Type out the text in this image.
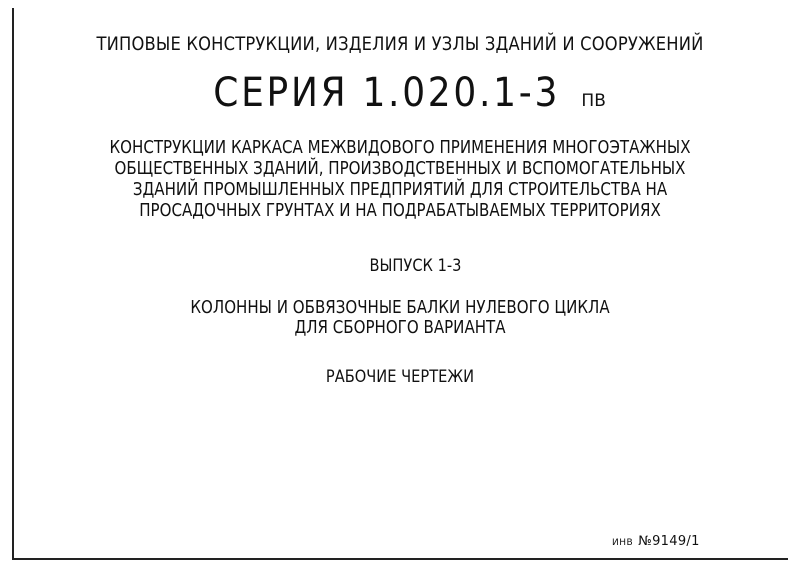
ТИПОВЫЕ КОНСТРУКЦИИ, ИЗДЕЛИЯ И УЗЛЫ ЗДАНИЙ И СООРУЖЕНИЙ
СЕРИЯ 1.020.1-3 ПВ
КОНСТРУКЦИИ КАРКАСА МЕЖВИДОВОГО ПРИМЕНЕНИЯ МНОГОЭТАЖНЫХ
ОБЩЕСТВЕННЫХ ЗДАНИЙ, ПРОИЗВОДСТВЕННЫХ И ВСПОМОГАТЕЛЬНЫХ
ЗДАНИЙ ПРОМЫШЛЕННЫХ ПРЕДПРИЯТИЙ ДЛЯ СТРОИТЕЛЬСТВА НА
ПРОСАДОЧНЫХ ГРУНТАХ И НА ПОДРАБАТЫВАЕМЫХ ТЕРРИТОРИЯХ
ВЫПУСК 1-3
КОЛОННЫ И ОБВЯЗОЧНЫЕ БАЛКИ НУЛЕВОГО ЦИКЛА
ДЛЯ СБОРНОГО ВАРИАНТА
РАБОЧИЕ ЧЕРТЕЖИ
ИНВ №9149/1
